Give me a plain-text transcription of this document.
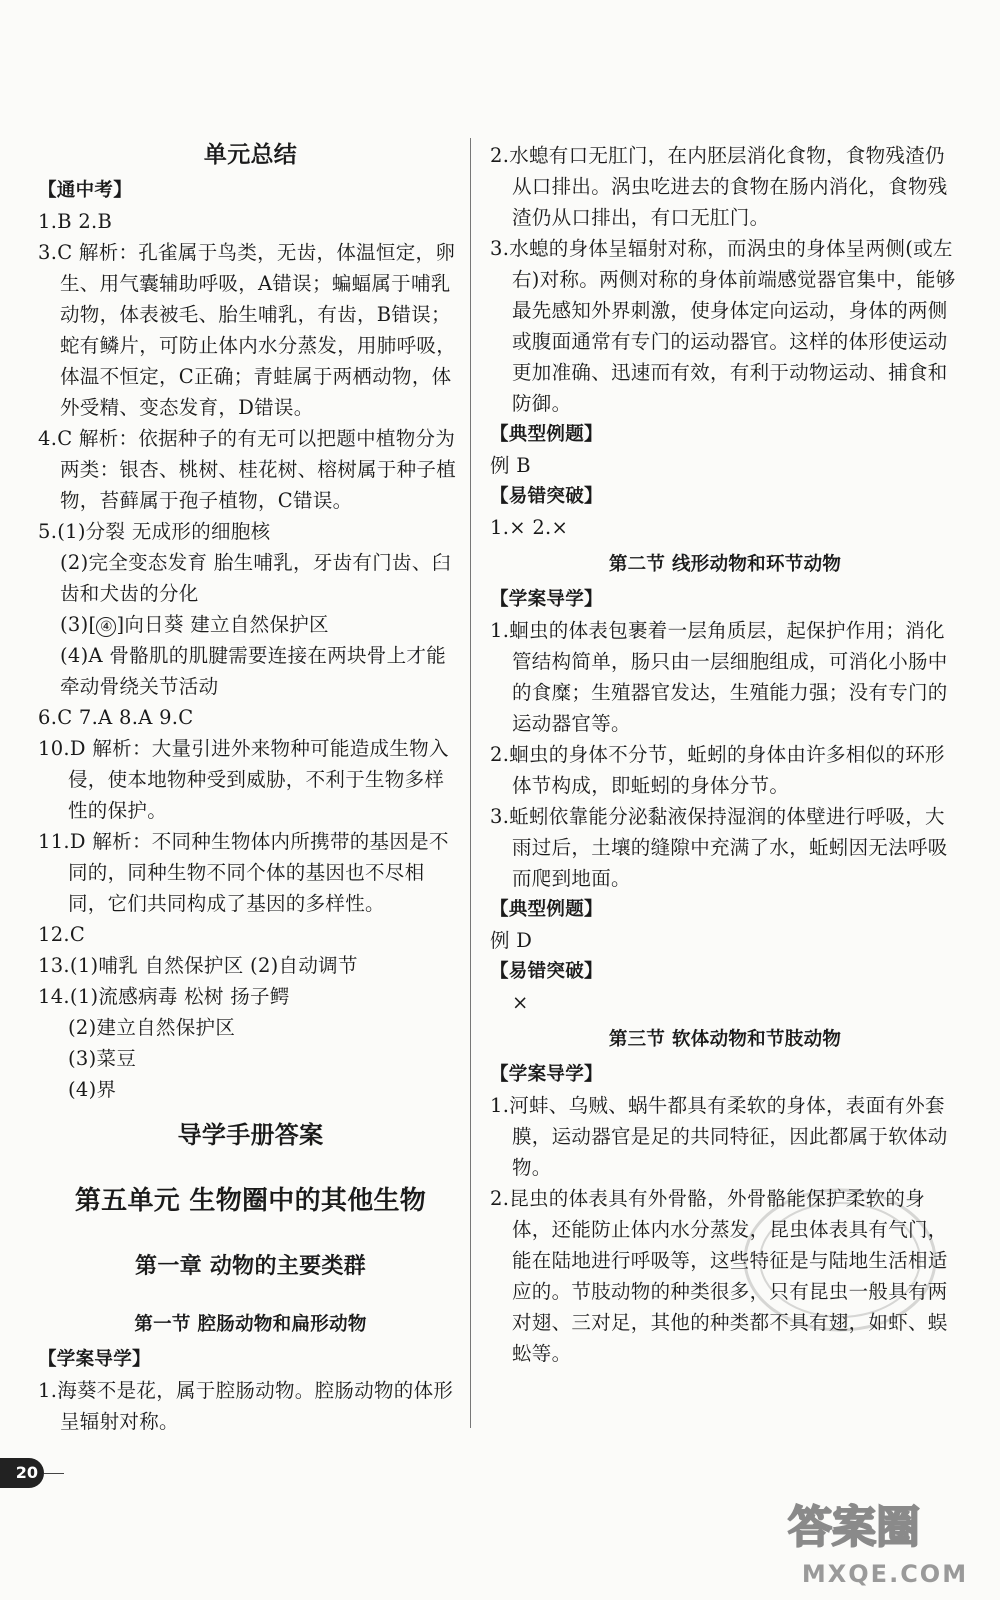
单元总结

【通中考】

1.B 2.B

3.C 解析：孔雀属于鸟类，无齿，体温恒定，卵生、用气囊辅助呼吸，A错误；蝙蝠属于哺乳动物，体表被毛、胎生哺乳，有齿，B错误；蛇有鳞片，可防止体内水分蒸发，用肺呼吸，体温不恒定，C正确；青蛙属于两栖动物，体外受精、变态发育，D错误。

4.C 解析：依据种子的有无可以把题中植物分为两类：银杏、桃树、桂花树、榕树属于种子植物，苔藓属于孢子植物，C错误。

5.(1)分裂 无成形的细胞核

(2)完全变态发育 胎生哺乳，牙齿有门齿、臼齿和犬齿的分化

(3)[ ④ ]向日葵 建立自然保护区

(4)A 骨骼肌的肌腱需要连接在两块骨上才能牵动骨绕关节活动

6.C 7.A 8.A 9.C

10.D 解析：大量引进外来物种可能造成生物入侵，使本地物种受到威胁，不利于生物多样性的保护。

11.D 解析：不同种生物体内所携带的基因是不同的，同种生物不同个体的基因也不尽相同，它们共同构成了基因的多样性。

12.C

13.(1)哺乳 自然保护区 (2)自动调节

14.(1)流感病毒 松树 扬子鳄

(2)建立自然保护区

(3)菜豆

(4)界

导学手册答案

第五单元 生物圈中的其他生物

第一章 动物的主要类群

第一节 腔肠动物和扁形动物

【学案导学】

1.海葵不是花，属于腔肠动物。腔肠动物的体形呈辐射对称。

2.水螅有口无肛门，在内胚层消化食物，食物残渣仍从口排出。涡虫吃进去的食物在肠内消化，食物残渣仍从口排出，有口无肛门。

3.水螅的身体呈辐射对称，而涡虫的身体呈两侧(或左右)对称。两侧对称的身体前端感觉器官集中，能够最先感知外界刺激，使身体定向运动，身体的两侧或腹面通常有专门的运动器官。这样的体形使运动更加准确、迅速而有效，有利于动物运动、捕食和防御。

【典型例题】

例 B

【易错突破】

1.× 2.×

第二节 线形动物和环节动物

【学案导学】

1.蛔虫的体表包裹着一层角质层，起保护作用；消化管结构简单，肠只由一层细胞组成，可消化小肠中的食糜；生殖器官发达，生殖能力强；没有专门的运动器官等。

2.蛔虫的身体不分节，蚯蚓的身体由许多相似的环形体节构成，即蚯蚓的身体分节。

3.蚯蚓依靠能分泌黏液保持湿润的体壁进行呼吸，大雨过后，土壤的缝隙中充满了水，蚯蚓因无法呼吸而爬到地面。

【典型例题】

例 D

【易错突破】

×

第三节 软体动物和节肢动物

【学案导学】

1.河蚌、乌贼、蜗牛都具有柔软的身体，表面有外套膜，运动器官是足的共同特征，因此都属于软体动物。

2.昆虫的体表具有外骨骼，外骨骼能保护柔软的身体，还能防止体内水分蒸发，昆虫体表具有气门，能在陆地进行呼吸等，这些特征是与陆地生活相适应的。节肢动物的种类很多，只有昆虫一般具有两对翅、三对足，其他的种类都不具有翅，如虾、蜈蚣等。

20
答案圈
MXQE.COM
